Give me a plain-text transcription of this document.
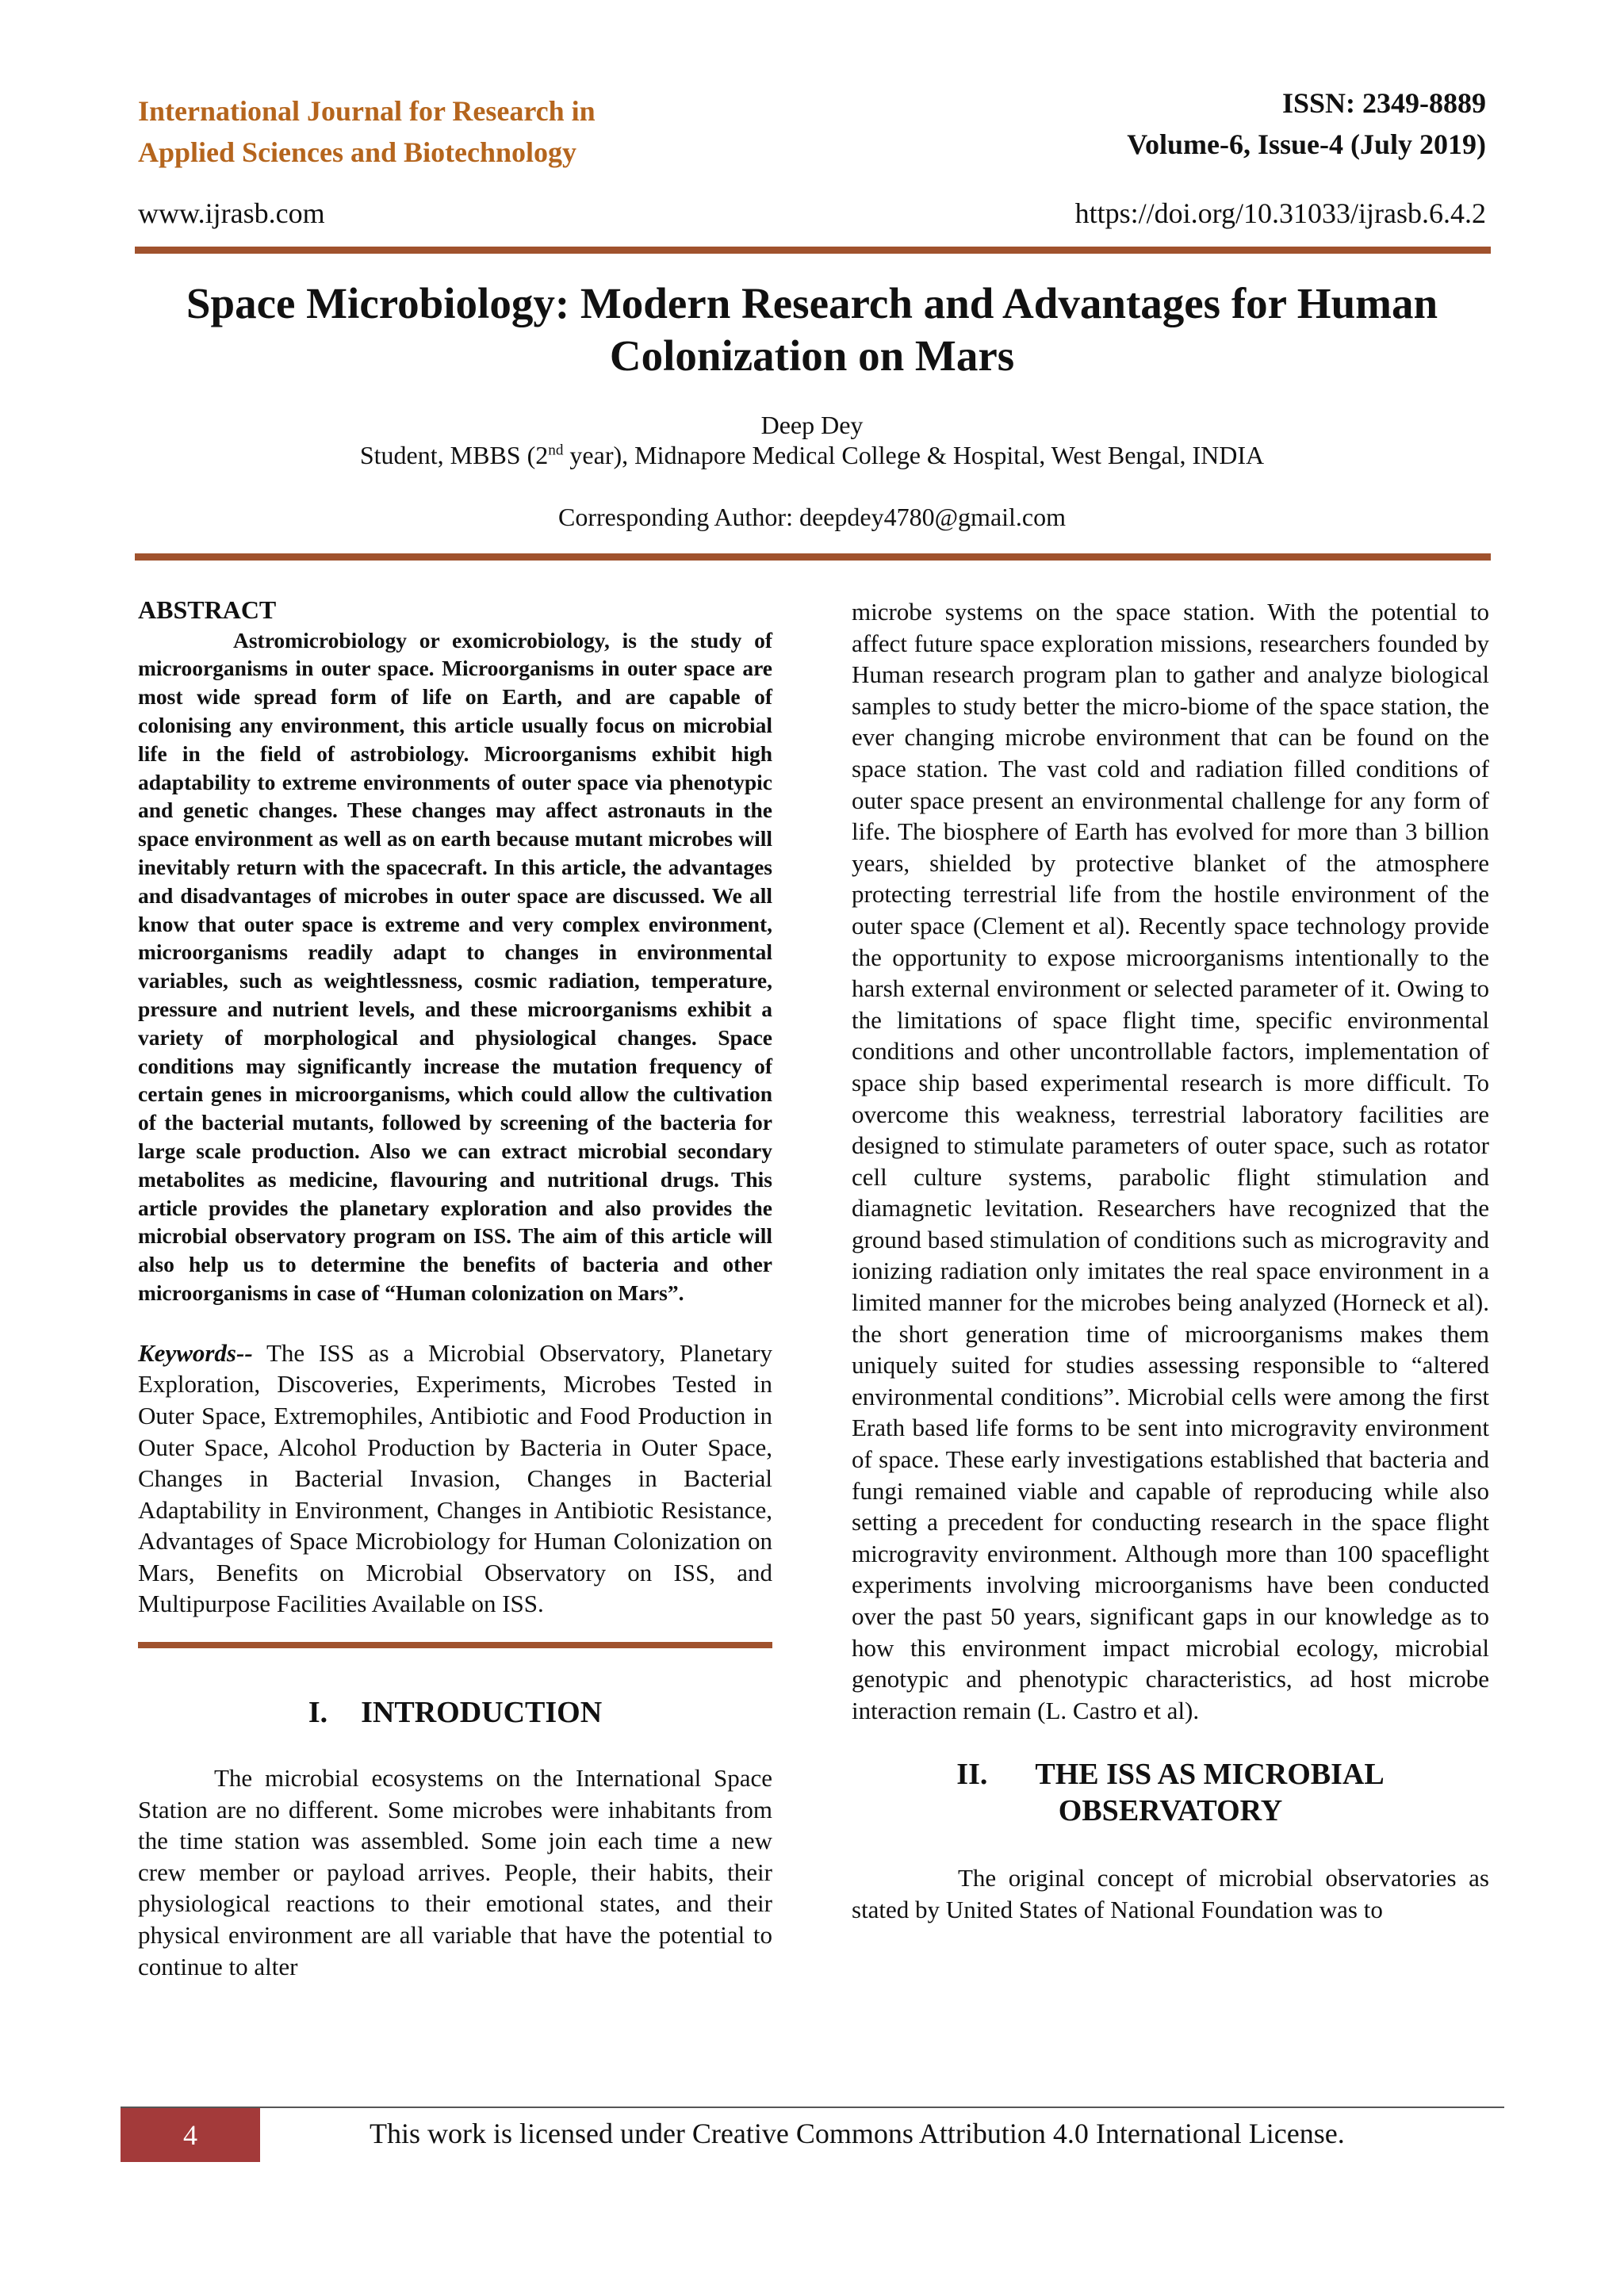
International Journal for Research in
Applied Sciences and Biotechnology
ISSN: 2349-8889
Volume-6, Issue-4 (July 2019)
www.ijrasb.com	https://doi.org/10.31033/ijrasb.6.4.2
Space Microbiology: Modern Research and Advantages for Human Colonization on Mars
Deep Dey
Student, MBBS (2nd year), Midnapore Medical College & Hospital, West Bengal, INDIA
Corresponding Author: deepdey4780@gmail.com
ABSTRACT

Astromicrobiology or exomicrobiology, is the study of microorganisms in outer space. Microorganisms in outer space are most wide spread form of life on Earth, and are capable of colonising any environment, this article usually focus on microbial life in the field of astrobiology. Microorganisms exhibit high adaptability to extreme environments of outer space via phenotypic and genetic changes. These changes may affect astronauts in the space environment as well as on earth because mutant microbes will inevitably return with the spacecraft. In this article, the advantages and disadvantages of microbes in outer space are discussed. We all know that outer space is extreme and very complex environment, microorganisms readily adapt to changes in environmental variables, such as weightlessness, cosmic radiation, temperature, pressure and nutrient levels, and these microorganisms exhibit a variety of morphological and physiological changes. Space conditions may significantly increase the mutation frequency of certain genes in microorganisms, which could allow the cultivation of the bacterial mutants, followed by screening of the bacteria for large scale production. Also we can extract microbial secondary metabolites as medicine, flavouring and nutritional drugs. This article provides the planetary exploration and also provides the microbial observatory program on ISS. The aim of this article will also help us to determine the benefits of bacteria and other microorganisms in case of “Human colonization on Mars”.

Keywords-- The ISS as a Microbial Observatory, Planetary Exploration, Discoveries, Experiments, Microbes Tested in Outer Space, Extremophiles, Antibiotic and Food Production in Outer Space, Alcohol Production by Bacteria in Outer Space, Changes in Bacterial Invasion, Changes in Bacterial Adaptability in Environment, Changes in Antibiotic Resistance, Advantages of Space Microbiology for Human Colonization on Mars, Benefits on Microbial Observatory on ISS, and Multipurpose Facilities Available on ISS.
I. INTRODUCTION

The microbial ecosystems on the International Space Station are no different. Some microbes were inhabitants from the time station was assembled. Some join each time a new crew member or payload arrives. People, their habits, their physiological reactions to their emotional states, and their physical environment are all variable that have the potential to continue to alter

microbe systems on the space station. With the potential to affect future space exploration missions, researchers founded by Human research program plan to gather and analyze biological samples to study better the micro-biome of the space station, the ever changing microbe environment that can be found on the space station. The vast cold and radiation filled conditions of outer space present an environmental challenge for any form of life. The biosphere of Earth has evolved for more than 3 billion years, shielded by protective blanket of the atmosphere protecting terrestrial life from the hostile environment of the outer space (Clement et al). Recently space technology provide the opportunity to expose microorganisms intentionally to the harsh external environment or selected parameter of it. Owing to the limitations of space flight time, specific environmental conditions and other uncontrollable factors, implementation of space ship based experimental research is more difficult. To overcome this weakness, terrestrial laboratory facilities are designed to stimulate parameters of outer space, such as rotator cell culture systems, parabolic flight stimulation and diamagnetic levitation. Researchers have recognized that the ground based stimulation of conditions such as microgravity and ionizing radiation only imitates the real space environment in a limited manner for the microbes being analyzed (Horneck et al). the short generation time of microorganisms makes them uniquely suited for studies assessing responsible to “altered environmental conditions”. Microbial cells were among the first Erath based life forms to be sent into microgravity environment of space. These early investigations established that bacteria and fungi remained viable and capable of reproducing while also setting a precedent for conducting research in the space flight microgravity environment. Although more than 100 spaceflight experiments involving microorganisms have been conducted over the past 50 years, significant gaps in our knowledge as to how this environment impact microbial ecology, microbial genotypic and phenotypic characteristics, ad host microbe interaction remain (L. Castro et al).

II. THE ISS AS MICROBIAL
OBSERVATORY

The original concept of microbial observatories as stated by United States of National Foundation was to

4	This work is licensed under Creative Commons Attribution 4.0 International License.
